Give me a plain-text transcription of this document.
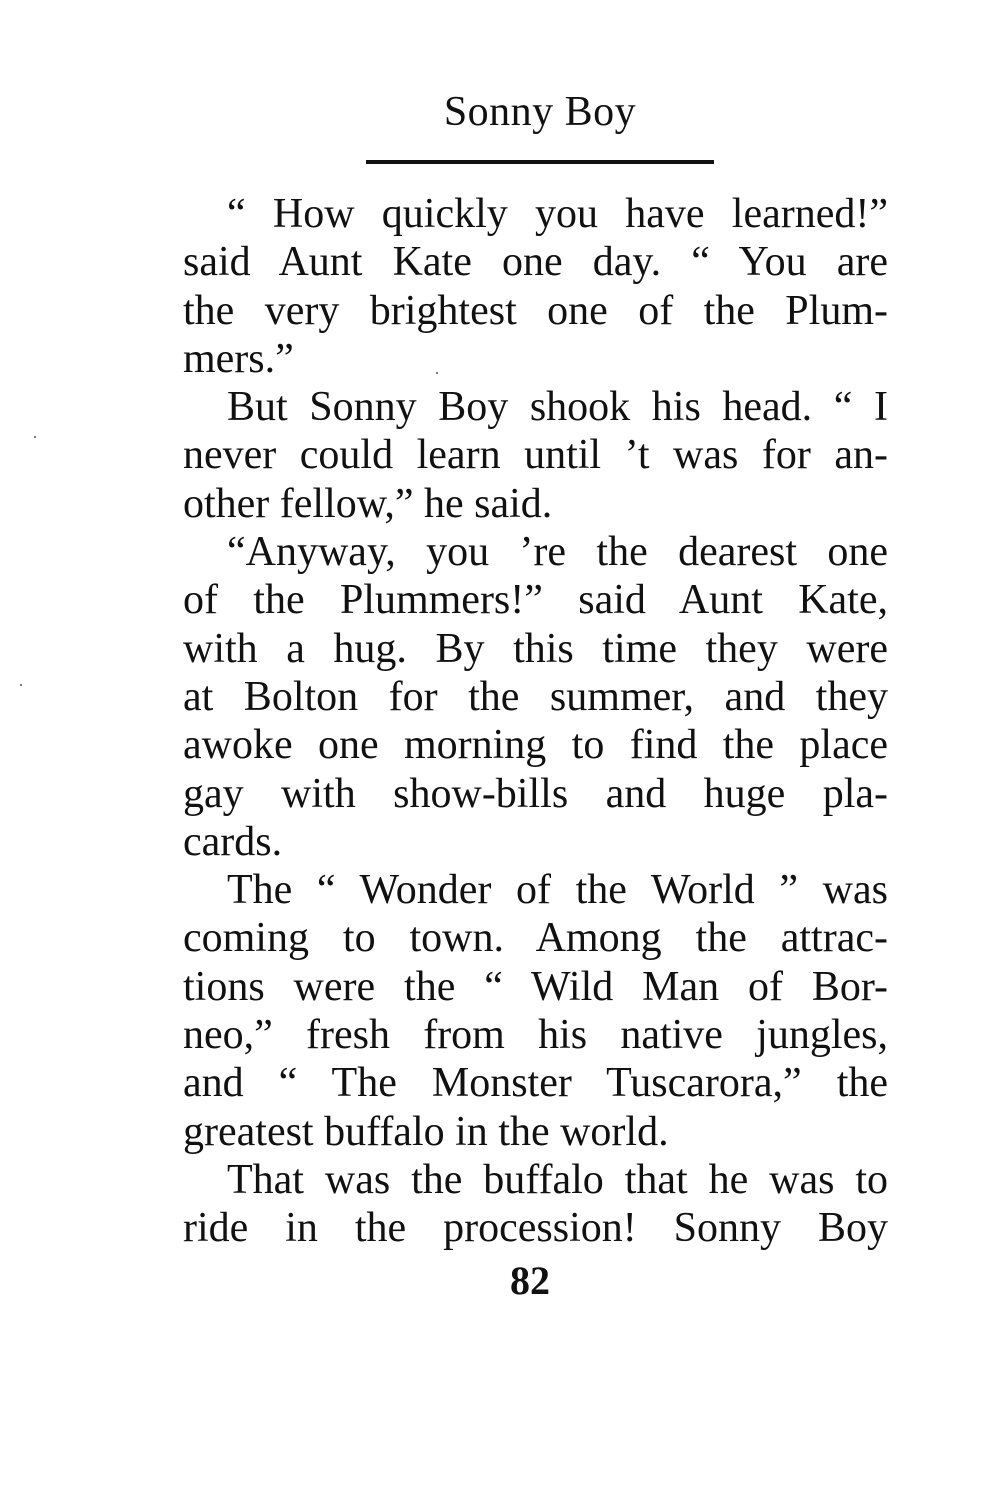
Sonny Boy
“ How quickly you have learned!”
said Aunt Kate one day. “ You are
the very brightest one of the Plum-
mers.”
But Sonny Boy shook his head. “ I
never could learn until ’t was for an-
other fellow,” he said.
“Anyway, you ’re the dearest one
of the Plummers!” said Aunt Kate,
with a hug. By this time they were
at Bolton for the summer, and they
awoke one morning to find the place
gay with show-bills and huge pla-
cards.
The “ Wonder of the World ” was
coming to town. Among the attrac-
tions were the “ Wild Man of Bor-
neo,” fresh from his native jungles,
and “ The Monster Tuscarora,” the
greatest buffalo in the world.
That was the buffalo that he was to
ride in the procession! Sonny Boy
82
